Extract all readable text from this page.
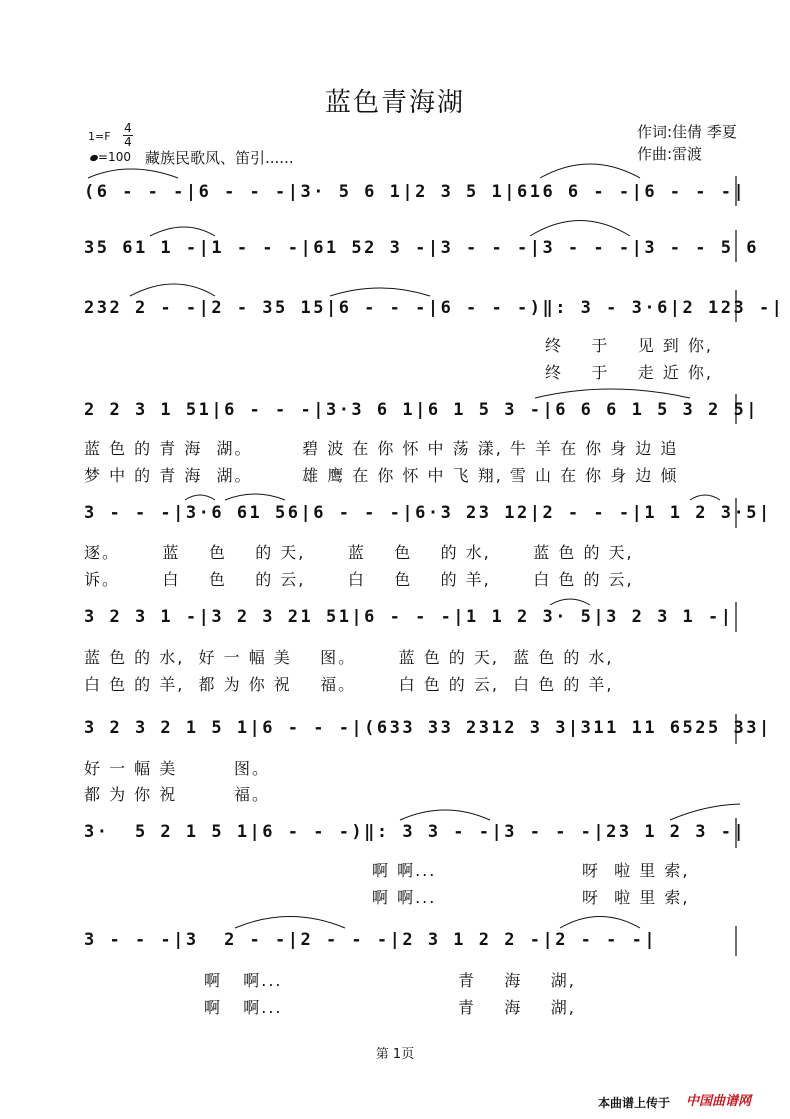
蓝色青海湖
作词:佳倩 季夏
作曲:雷渡
1=F
4
4
=100 藏族民歌风、笛引......
(6 - - -|6 - - -|3· 5 6 1|2 3 5 1|616 6 - -|6 - - -|
35 61 1 -|1 - - -|61 52 3 -|3 - - -|3 - - -|3 - - 5 6
232 2 - -|2 - 35 15|6 - - -|6 - - -)‖: 3 - 3·6|2 123 -|
终    于    见 到 你,
终    于    走 近 你,
2 2 3 1 51|6 - - -|3·3 6 1|6 1 5 3 -|6 6 6 1 5 3 2 5|
蓝 色 的 青 海  湖。       碧 波 在 你 怀 中 荡 漾, 牛 羊 在 你 身 边 追
梦 中 的 青 海  湖。       雄 鹰 在 你 怀 中 飞 翔, 雪 山 在 你 身 边 倾
3 - - -|3·6 61 56|6 - - -|6·3 23 12|2 - - -|1 1 2 3·5|
逐。      蓝    色    的 天,      蓝    色    的 水,      蓝 色 的 天,
诉。      白    色    的 云,      白    色    的 羊,      白 色 的 云,
3 2 3 1 -|3 2 3 21 51|6 - - -|1 1 2 3· 5|3 2 3 1 -|
蓝 色 的 水,  好 一 幅 美    图。      蓝 色 的 天,  蓝 色 的 水,
白 色 的 羊,  都 为 你 祝    福。      白 色 的 云,  白 色 的 羊,
3 2 3 2 1 5 1|6 - - -|(633 33 2312 3 3|311 11 6525 33|
好 一 幅 美        图。
都 为 你 祝        福。
3·  5 2 1 5 1|6 - - -)‖: 3 3 - -|3 - - -|23 1 2 3 -|
啊 啊...
啊 啊...
呀  啦 里 索,
呀  啦 里 索,
3 - - -|3  2 - -|2 - - -|2 3 1 2 2 -|2 - - -|
啊   啊...
啊   啊...
青    海    湖,
青    海    湖,
第 1页
本曲谱上传于 中国曲谱网
